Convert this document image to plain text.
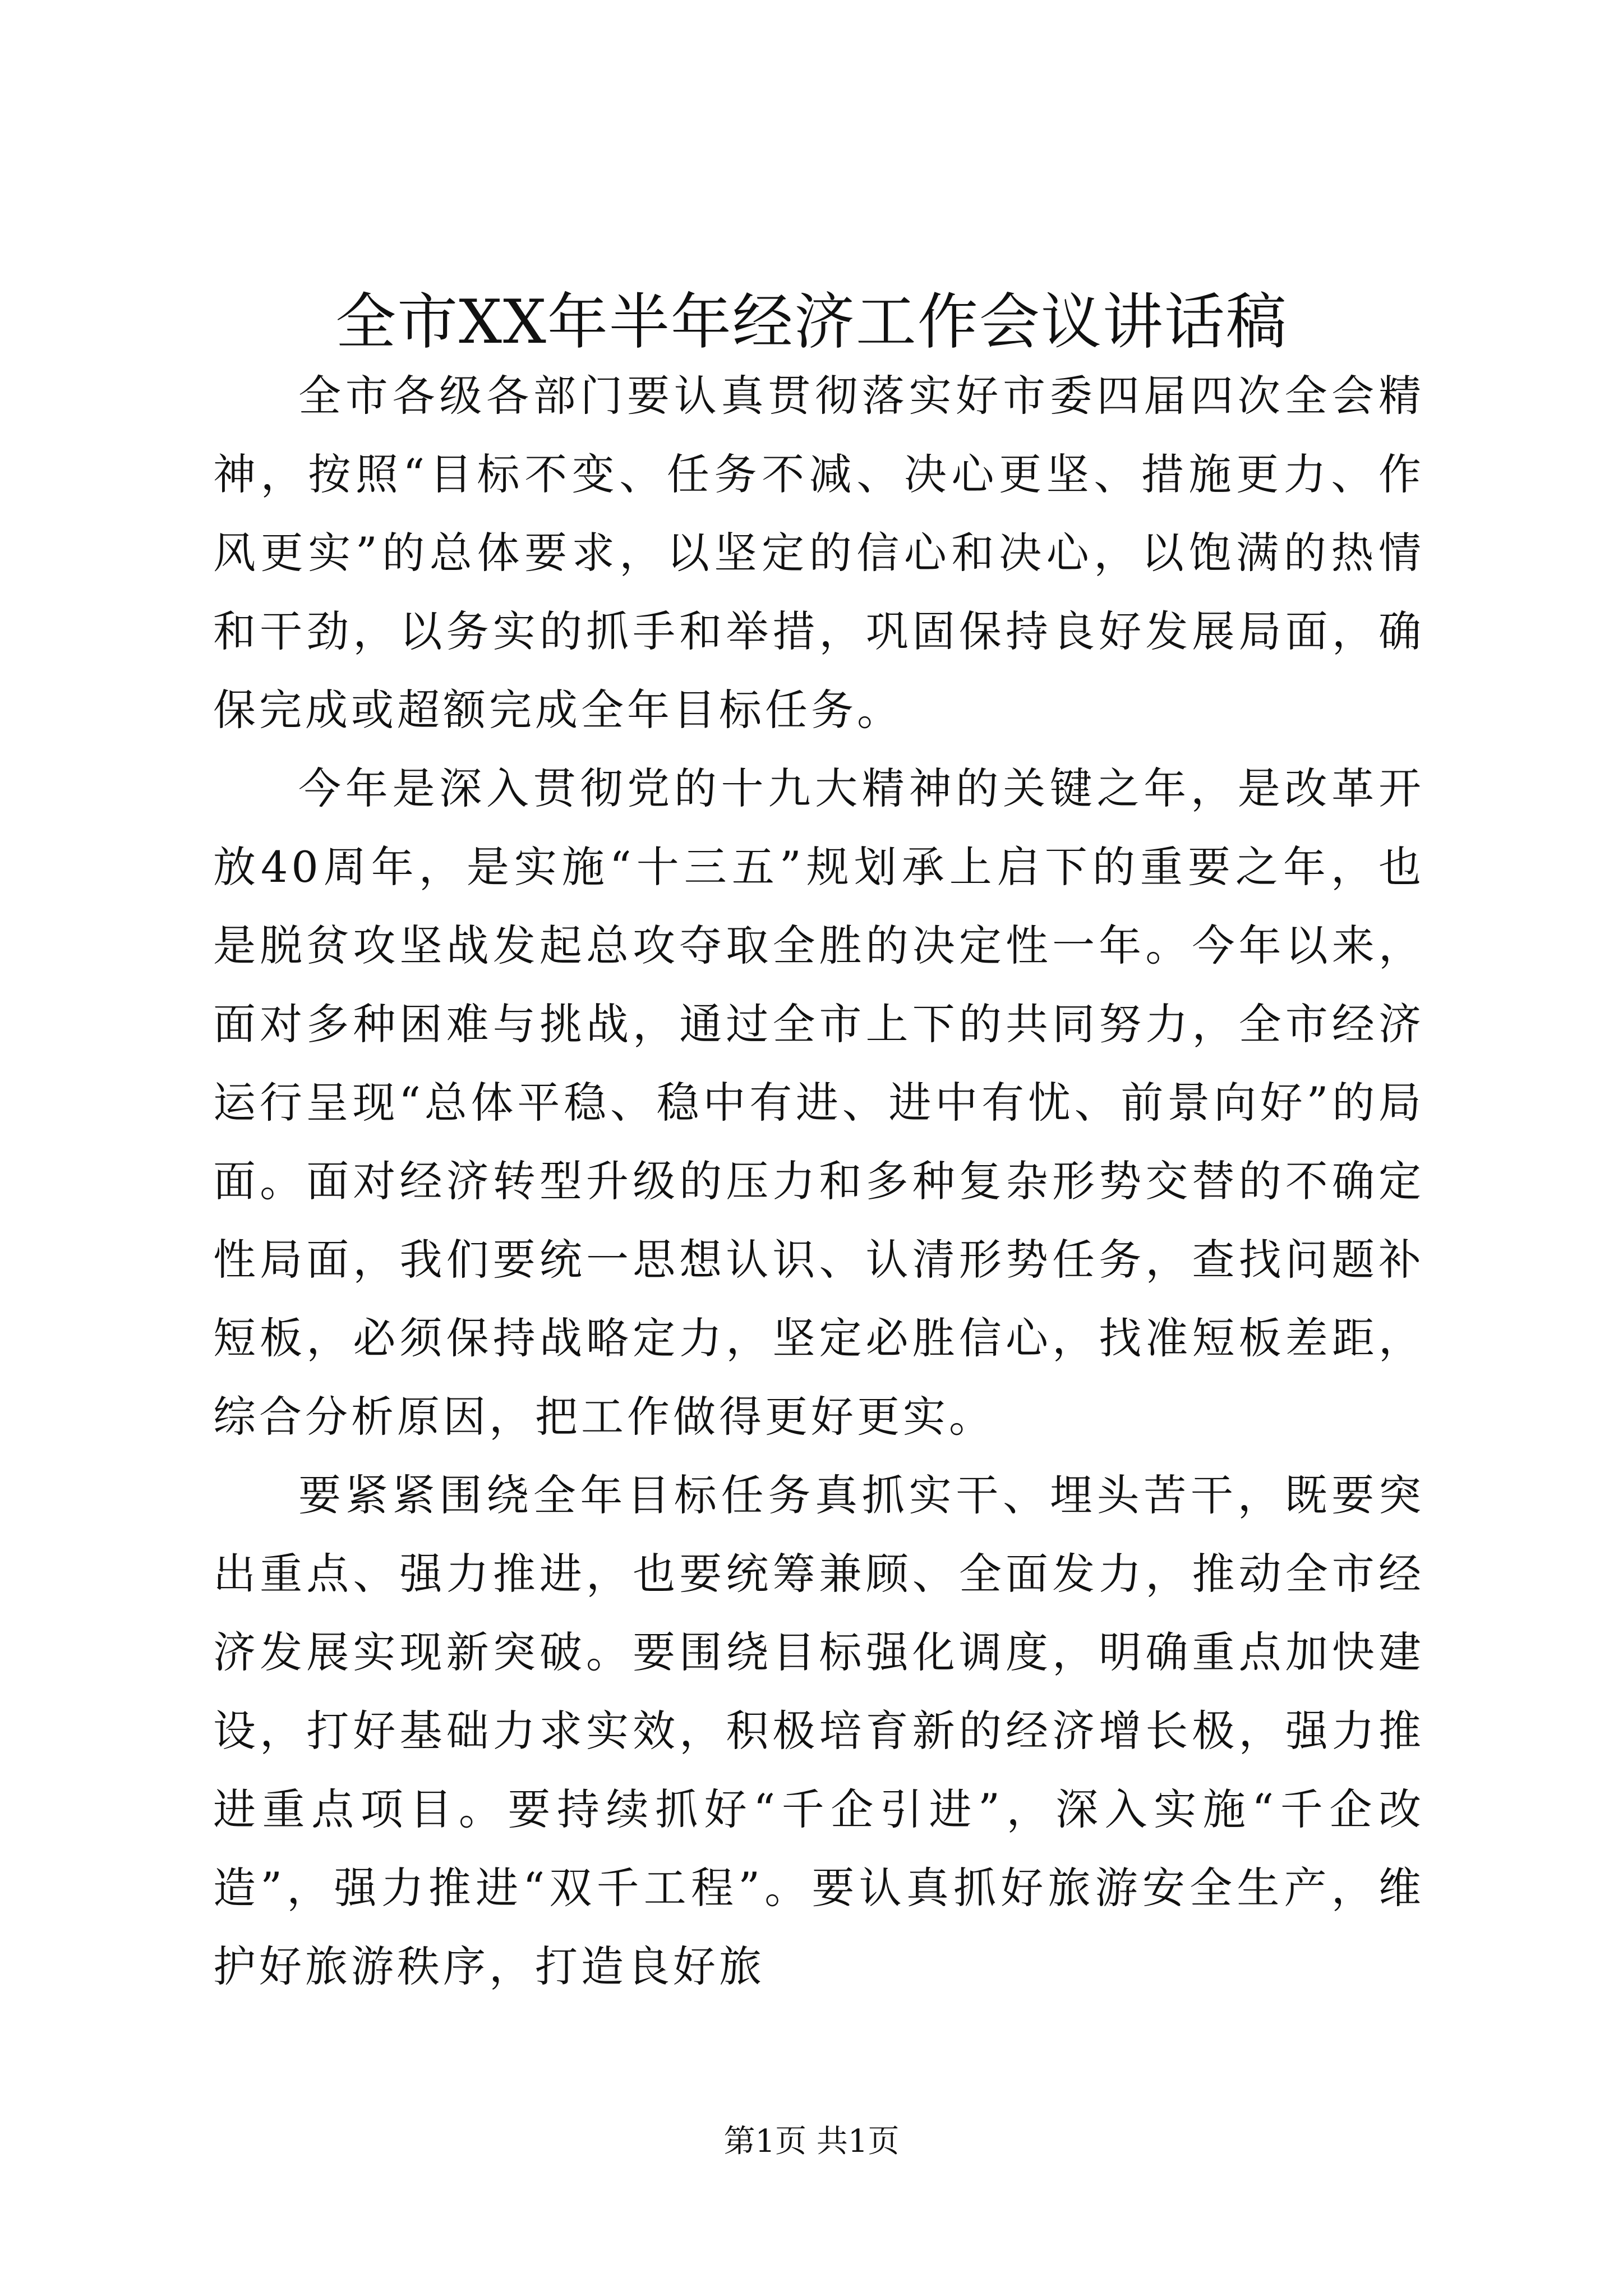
全市XX年半年经济工作会议讲话稿

全市各级各部门要认真贯彻落实好市委四届四次全会精神，按照“目标不变、任务不减、决心更坚、措施更力、作风更实”的总体要求，以坚定的信心和决心，以饱满的热情和干劲，以务实的抓手和举措，巩固保持良好发展局面，确保完成或超额完成全年目标任务。

今年是深入贯彻党的十九大精神的关键之年，是改革开放40周年，是实施“十三五”规划承上启下的重要之年，也是脱贫攻坚战发起总攻夺取全胜的决定性一年。今年以来，面对多种困难与挑战，通过全市上下的共同努力，全市经济运行呈现“总体平稳、稳中有进、进中有忧、前景向好”的局面。面对经济转型升级的压力和多种复杂形势交替的不确定性局面，我们要统一思想认识、认清形势任务，查找问题补短板，必须保持战略定力，坚定必胜信心，找准短板差距，综合分析原因，把工作做得更好更实。

要紧紧围绕全年目标任务真抓实干、埋头苦干，既要突出重点、强力推进，也要统筹兼顾、全面发力，推动全市经济发展实现新突破。要围绕目标强化调度，明确重点加快建设，打好基础力求实效，积极培育新的经济增长极，强力推进重点项目。要持续抓好“千企引进”，深入实施“千企改造”，强力推进“双千工程”。要认真抓好旅游安全生产，维护好旅游秩序，打造良好旅

第1页 共1页
